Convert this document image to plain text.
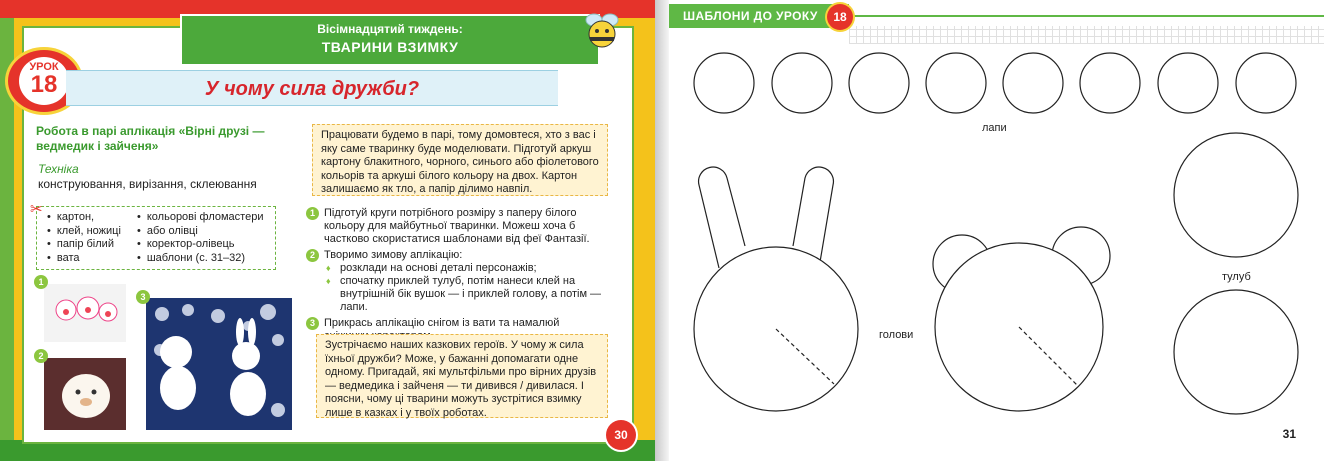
Вісімнадцятий тиждень:
ТВАРИНИ ВЗИМКУ
УРОК
18	У чому сила дружби?
Робота в парі аплікація «Вірні друзі — ведмедик і зайченя»
Техніка
конструювання, вирізання, склеювання
• картон,
• клей, ножиці
• папір білий
• вата
• кольорові фломастери
• або олівці
• коректор-олівець
• шаблони (с. 31–32)
✂
1
2
3
Працювати будемо в парі, тому домовтеся, хто з вас і яку саме тваринку буде моделювати. Підготуй аркуш картону блакитного, чорного, синього або фіолетового кольорів та аркуші білого кольору на двох. Картон залишаємо як тло, а папір ділимо навпіл.
1 Підготуй круги потрібного розміру з паперу білого кольору для майбутньої тваринки. Можеш хоча б частково скористатися шаблонами від феї Фантазії.
2 Творимо зимову аплікацію:
♦ розклади на основі деталі персонажів;
♦ спочатку приклей тулуб, потім нанеси клей на внутрішній бік вушок — і приклей голову, а потім — лапи.
3 Прикрась аплікацію снігом із вати та намалюй
Зустрічаємо наших казкових героїв. У чому ж сила їхньої дружби? Може, у бажанні допомагати одне одному. Пригадай, які мультфільми про вірних друзів — ведмедика і зайченя — ти дивився / дивилася. І поясни, чому ці тварини можуть зустрітися взимку лише в казках і у твоїх роботах.
30
ШАБЛОНИ ДО УРОКУ	18
лапи
голови
тулуб
31
